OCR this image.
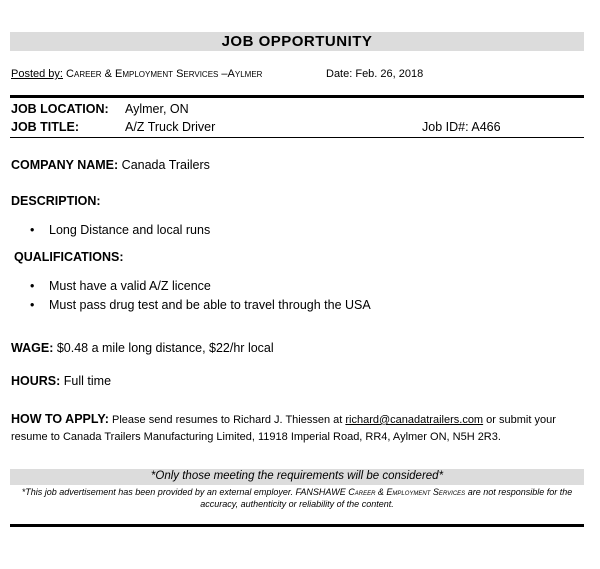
JOB OPPORTUNITY
Posted by: Career & Employment Services –Aylmer	Date: Feb. 26, 2018
JOB LOCATION: Aylmer, ON
JOB TITLE:	A/Z Truck Driver	Job ID#: A466
COMPANY NAME: Canada Trailers
DESCRIPTION:
• Long Distance and local runs
QUALIFICATIONS:
• Must have a valid A/Z licence
• Must pass drug test and be able to travel through the USA
WAGE: $0.48 a mile long distance, $22/hr local
HOURS: Full time
HOW TO APPLY: Please send resumes to Richard J. Thiessen at richard@canadatrailers.com or submit your resume to Canada Trailers Manufacturing Limited, 11918 Imperial Road, RR4, Aylmer ON, N5H 2R3.
*Only those meeting the requirements will be considered*
*This job advertisement has been provided by an external employer. FANSHAWE Career & Employment Services are not responsible for the accuracy, authenticity or reliability of the content.
